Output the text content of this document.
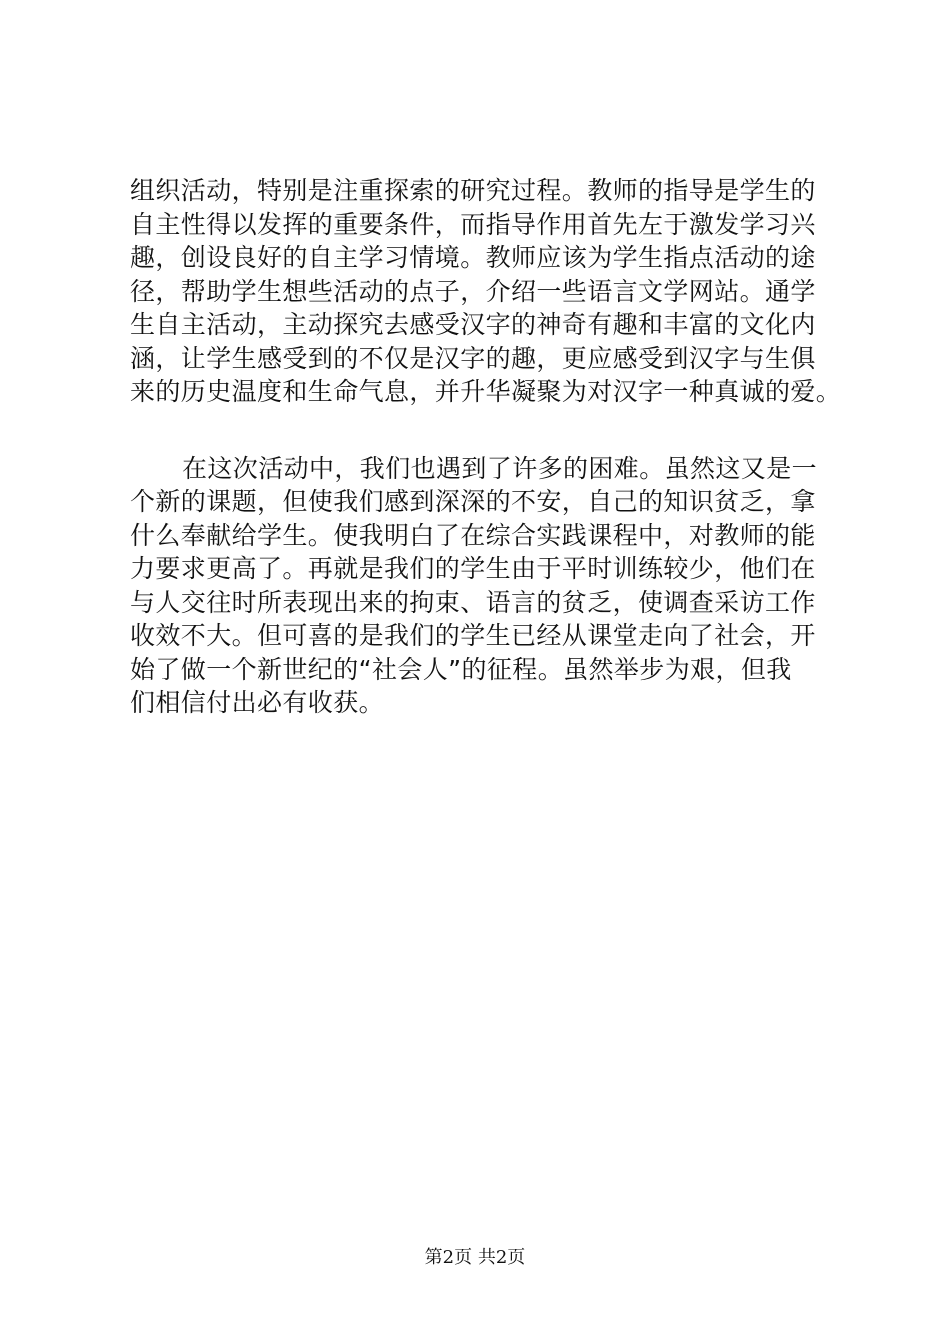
组织活动，特别是注重探索的研究过程。教师的指导是学生的
自主性得以发挥的重要条件，而指导作用首先左于激发学习兴
趣，创设良好的自主学习情境。教师应该为学生指点活动的途
径，帮助学生想些活动的点子，介绍一些语言文学网站。通学
生自主活动，主动探究去感受汉字的神奇有趣和丰富的文化内
涵，让学生感受到的不仅是汉字的趣，更应感受到汉字与生俱
来的历史温度和生命气息，并升华凝聚为对汉字一种真诚的爱。
在这次活动中，我们也遇到了许多的困难。虽然这又是一
个新的课题，但使我们感到深深的不安，自己的知识贫乏，拿
什么奉献给学生。使我明白了在综合实践课程中，对教师的能
力要求更高了。再就是我们的学生由于平时训练较少，他们在
与人交往时所表现出来的拘束、语言的贫乏，使调查采访工作
收效不大。但可喜的是我们的学生已经从课堂走向了社会，开
始了做一个新世纪的“社会人”的征程。虽然举步为艰，但我
们相信付出必有收获。
第2页 共2页
